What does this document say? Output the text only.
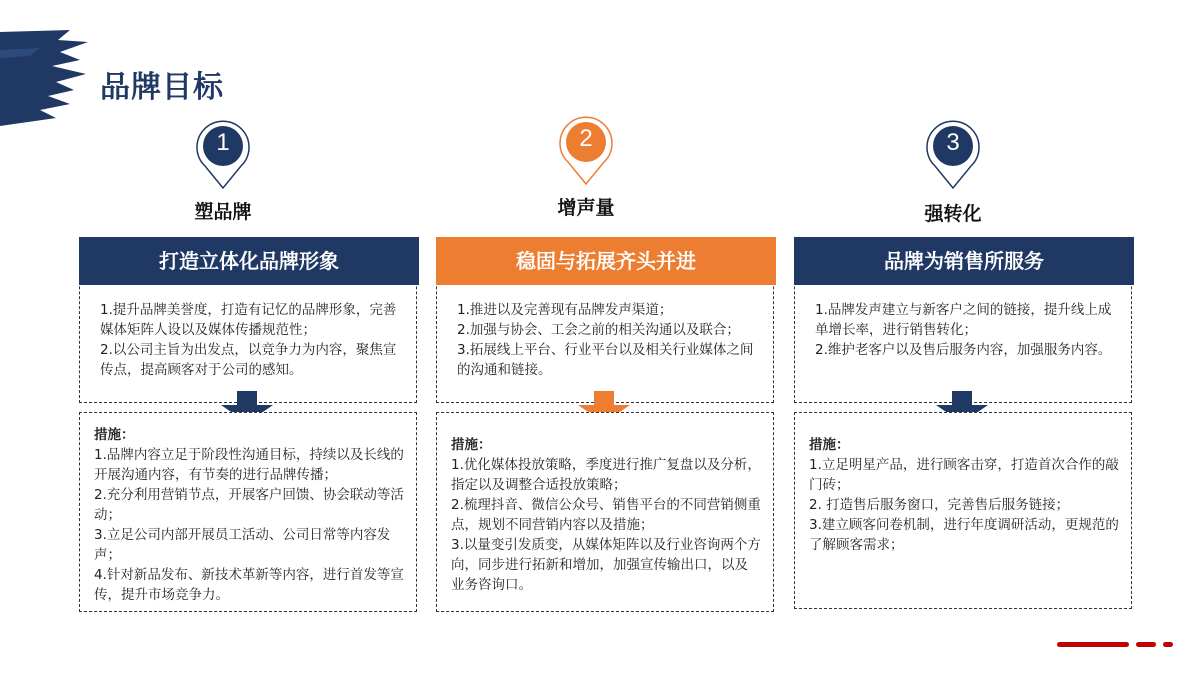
品牌目标
1
塑品牌
1.提升品牌美誉度，打造有记忆的品牌形象，完善媒体矩阵人设以及媒体传播规范性；
2.以公司主旨为出发点，以竞争力为内容，聚焦宣传点，提高顾客对于公司的感知。
打造立体化品牌形象
措施：
1.品牌内容立足于阶段性沟通目标，持续以及长线的开展沟通内容，有节奏的进行品牌传播；
2.充分利用营销节点，开展客户回馈、协会联动等活动；
3.立足公司内部开展员工活动、公司日常等内容发声；
4.针对新品发布、新技术革新等内容，进行首发等宣传，提升市场竞争力。
2
增声量
1.推进以及完善现有品牌发声渠道；
2.加强与协会、工会之前的相关沟通以及联合；
3.拓展线上平台、行业平台以及相关行业媒体之间的沟通和链接。
稳固与拓展齐头并进
措施：
1.优化媒体投放策略，季度进行推广复盘以及分析，指定以及调整合适投放策略；
2.梳理抖音、微信公众号、销售平台的不同营销侧重点，规划不同营销内容以及措施；
3.以量变引发质变，从媒体矩阵以及行业咨询两个方向，同步进行拓新和增加，加强宣传输出口，以及业务咨询口。
3
强转化
1.品牌发声建立与新客户之间的链接，提升线上成单增长率，进行销售转化；
2.维护老客户以及售后服务内容，加强服务内容。
品牌为销售所服务
措施：
1.立足明星产品，进行顾客击穿，打造首次合作的敲门砖；
2. 打造售后服务窗口，完善售后服务链接；
3.建立顾客问卷机制，进行年度调研活动，更规范的了解顾客需求；
